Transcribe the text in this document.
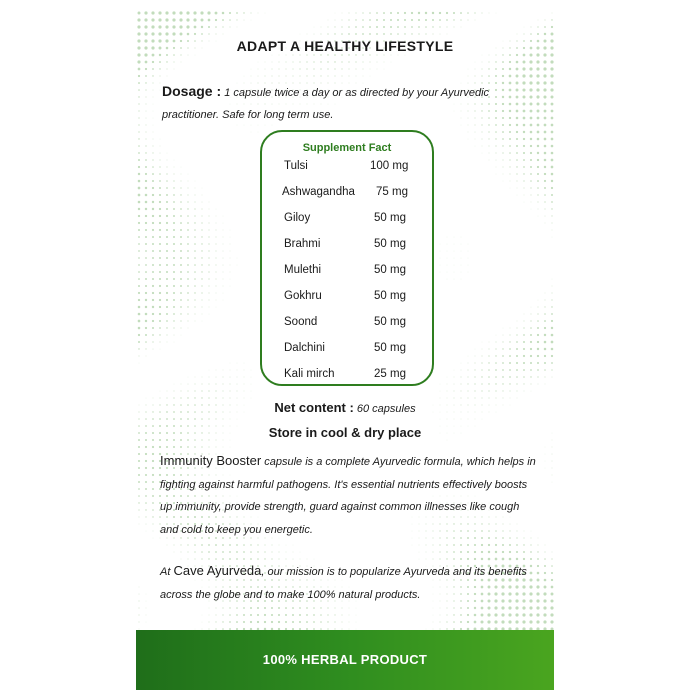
ADAPT A HEALTHY LIFESTYLE
Dosage : 1 capsule twice a day or as directed by your Ayurvedic practitioner. Safe for long term use.
Supplement Fact
Tulsi	100 mg
Ashwagandha 75 mg
Giloy	50 mg
Brahmi	50 mg
Mulethi	50 mg
Gokhru	50 mg
Soond	50 mg
Dalchini	50 mg
Kali mirch	25 mg
Net content : 60 capsules
Store in cool & dry place
Immunity Booster capsule is a complete Ayurvedic formula, which helps in fighting against harmful pathogens. It's essential nutrients effectively boosts up immunity, provide strength, guard against common illnesses like cough and cold to keep you energetic.
At Cave Ayurveda, our mission is to popularize Ayurveda and its benefits across the globe and to make 100% natural products.
100% HERBAL PRODUCT
